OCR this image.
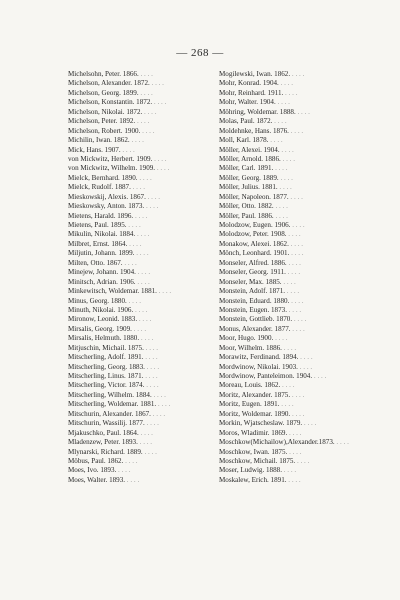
— 268 —
Michelsohn, Peter. 1866. . . . .
Michelson, Alexander. 1872. . . . .
Michelson, Georg. 1899. . . . .
Michelson, Konstantin. 1872. . . . .
Michelson, Nikolai. 1872. . . . .
Michelson, Peter. 1892. . . . .
Michelson, Robert. 1900. . . . .
Michilin, Iwan. 1862. . . . .
Mick, Hans. 1907. . . . .
von Mickwitz, Herbert. 1909. . . . .
von Mickwitz, Wilhelm. 1909. . . . .
Mielck, Bernhard. 1890. . . . .
Mielck, Rudolf. 1887. . . . .
Mieskowskij, Alexis. 1867. . . . .
Mieskowsky, Anton. 1873. . . . .
Mietens, Harald. 1896. . . . .
Mietens, Paul. 1895. . . . .
Mikulin, Nikolai. 1884. . . . .
Milbret, Ernst. 1864. . . . .
Miljutin, Johann. 1899. . . . .
Milten, Otto. 1867. . . . .
Minejew, Johann. 1904. . . . .
Minitsch, Adrian. 1906. . . . .
Minkewitsch, Woldemar. 1881. . . . .
Minus, Georg. 1880. . . . .
Minuth, Nikolai. 1906. . . . .
Mironow, Leonid. 1883. . . . .
Mirsalis, Georg. 1909. . . . .
Mirsalis, Helmuth. 1880. . . . .
Mitjuschin, Michail. 1875. . . . .
Mitscherling, Adolf. 1891. . . . .
Mitscherling, Georg. 1883. . . . .
Mitscherling, Linus. 1871. . . . .
Mitscherling, Victor. 1874. . . . .
Mitscherling, Wilhelm. 1884. . . . .
Mitscherling, Woldemar. 1881. . . . .
Mitschurin, Alexander. 1867. . . . .
Mitschurin, Wassilij. 1877. . . . .
Mjakuschko, Paul. 1864. . . . .
Mladenzew, Peter. 1893. . . . .
Mlynarski, Richard. 1889. . . . .
Möbus, Paul. 1862. . . . .
Moes, Ivo. 1893. . . . .
Moes, Walter. 1893. . . . .
Mogilewski, Iwan. 1862. . . . .
Mohr, Konrad. 1904. . . . .
Mohr, Reinhard. 1911. . . . .
Mohr, Walter. 1904. . . . .
Möhring, Woldemar. 1888. . . . .
Molas, Paul. 1872. . . . .
Moldehnke, Hans. 1876. . . . .
Moll, Karl. 1878. . . . .
Möller, Alexei. 1904. . . . .
Möller, Arnold. 1886. . . . .
Möller, Carl. 1891. . . . .
Möller, Georg. 1889. . . . .
Möller, Julius. 1881. . . . .
Möller, Napoleon. 1877. . . . .
Möller, Otto. 1882. . . . .
Möller, Paul. 1886. . . . .
Molodzow, Eugen. 1906. . . . .
Molodzow, Peter. 1908. . . . .
Monakow, Alexei. 1862. . . . .
Mönch, Leonhard. 1901. . . . .
Monseler, Alfred. 1886. . . . .
Monseler, Georg. 1911. . . . .
Monseler, Max. 1885. . . . .
Monstein, Adolf. 1871. . . . .
Monstein, Eduard. 1880. . . . .
Monstein, Eugen. 1873. . . . .
Monstein, Gottlieb. 1870. . . . .
Monus, Alexander. 1877. . . . .
Moor, Hugo. 1900. . . . .
Moor, Wilhelm. 1886. . . . .
Morawitz, Ferdinand. 1894. . . . .
Mordwinow, Nikolai. 1903. . . . .
Mordwinow, Panteleimon. 1904. . . . .
Moreau, Louis. 1862. . . . .
Moritz, Alexander. 1875. . . . .
Moritz, Eugen. 1891. . . . .
Moritz, Woldemar. 1890. . . . .
Morkin, Wjatscheslaw. 1879. . . . .
Moros, Wladimir. 1869. . . . .
Moschkow(Michailow),Alexander.1873. . . . .
Moschkow, Iwan. 1875. . . . .
Moschkow, Michail. 1875. . . . .
Moser, Ludwig. 1888. . . . .
Moskalew, Erich. 1891. . . . .
